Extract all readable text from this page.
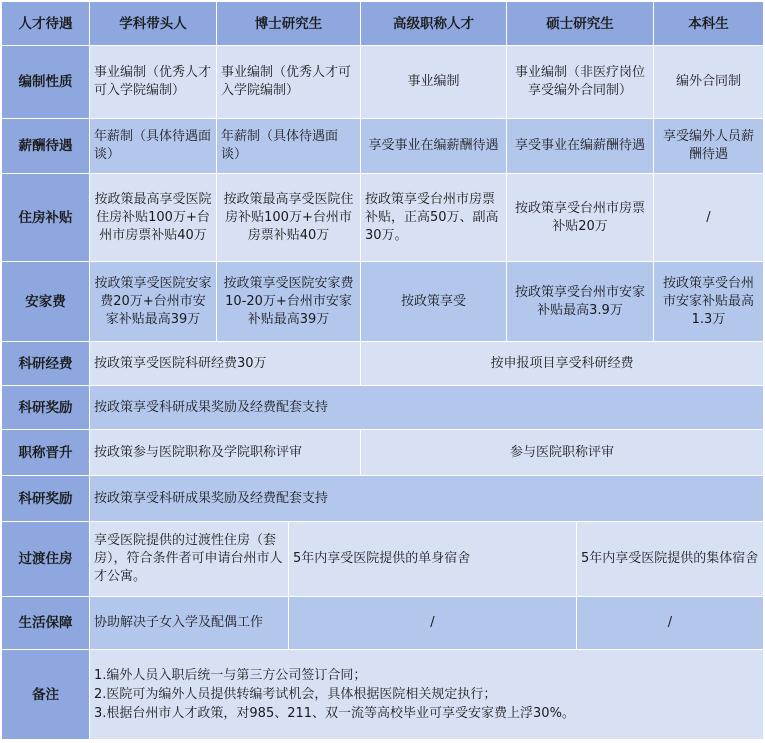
人才待遇	学科带头人	博士研究生		高级职称人才	硕士研究生		本科生
编制性质	事业编制（优秀人才可入学院编制）	事业编制（优秀人才可入学院编制）		事业编制	事业编制（非医疗岗位享受编外合同制）		编外合同制
薪酬待遇	年薪制（具体待遇面谈）	年薪制（具体待遇面谈）		享受事业在编薪酬待遇	享受事业在编薪酬待遇		享受编外人员薪酬待遇
住房补贴	按政策最高享受医院住房补贴100万+台州市房票补贴40万	按政策最高享受医院住房补贴100万+台州市房票补贴40万		按政策享受台州市房票补贴，正高50万、副高30万。	按政策享受台州市房票补贴20万		/
安家费	按政策享受医院安家费20万+台州市安家补贴最高39万	按政策享受医院安家费10-20万+台州市安家补贴最高39万		按政策享受	按政策享受台州市安家补贴最高3.9万		按政策享受台州市安家补贴最高1.3万
科研经费	按政策享受医院科研经费30万			按申报项目享受科研经费			
科研奖励	按政策享受科研成果奖励及经费配套支持						
职称晋升	按政策参与医院职称及学院职称评审			参与医院职称评审			
科研奖励	按政策享受科研成果奖励及经费配套支持						
过渡住房	享受医院提供的过渡性住房（套房），符合条件者可申请台州市人才公寓。		5年内享受医院提供的单身宿舍			5年内享受医院提供的集体宿舍	
生活保障	协助解决子女入学及配偶工作		/			/	
备注	1.编外人员入职后统一与第三方公司签订合同；
2.医院可为编外人员提供转编考试机会，具体根据医院相关规定执行；
3.根据台州市人才政策，对985、211、双一流等高校毕业可享受安家费上浮30%。						
